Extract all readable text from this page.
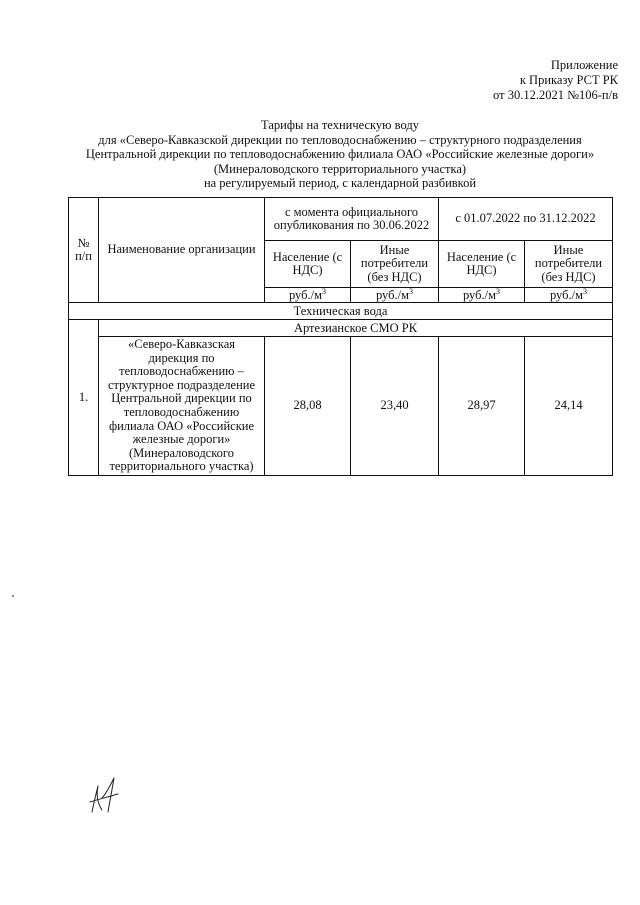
Приложение
к Приказу РСТ РК
от 30.12.2021 №106-п/в
Тарифы на техническую воду
для «Северо-Кавказской дирекции по тепловодоснабжению – структурного подразделения
Центральной дирекции по тепловодоснабжению филиала ОАО «Российские железные дороги»
(Минераловодского территориального участка)
на регулируемый период, с календарной разбивкой
№ п/п	Наименование организации	с момента официального опубликования по 30.06.2022		с 01.07.2022 по 31.12.2022	
		Население (с НДС)	Иные потребители (без НДС)	Население (с НДС)	Иные потребители (без НДС)
		$руб./м^3$	$руб./м^3$	$руб./м^3$	$руб./м^3$
Техническая вода					
1.	Артезианское СМО РК				
	«Северо-Кавказская дирекция по тепловодоснабжению – структурное подразделение Центральной дирекции по тепловодоснабжению филиала ОАО «Российские железные дороги» (Минераловодского территориального участка)	28,08	23,40	28,97	24,14
